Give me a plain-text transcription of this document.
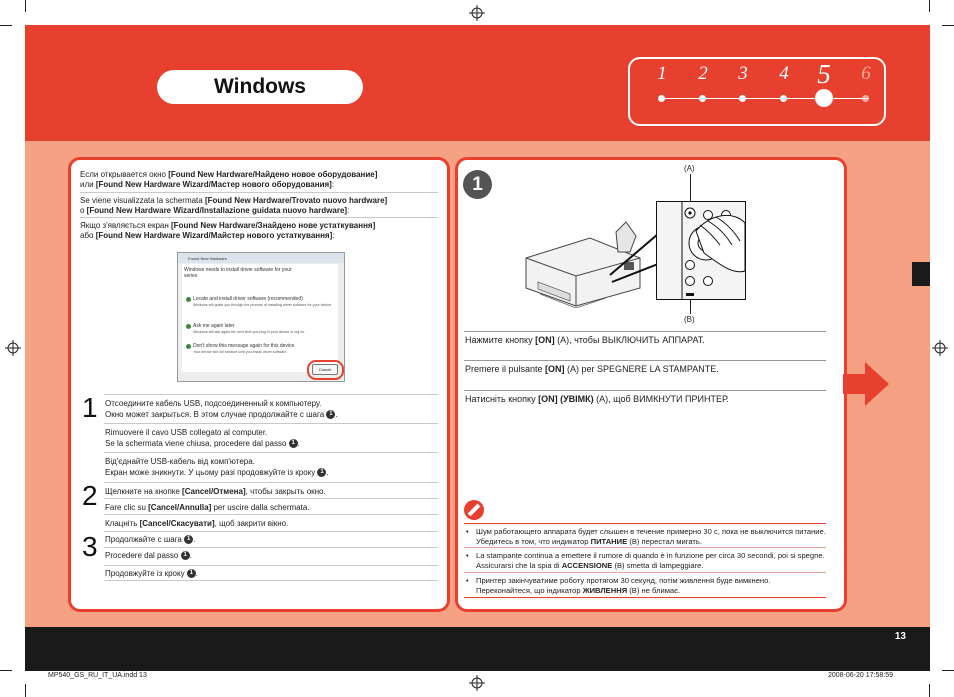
Windows
1	2	3	4 5	6
Если открывается окно [Found New Hardware/Найдено новое оборудование]
или [Found New Hardware Wizard/Мастер нового оборудования]:
Se viene visualizzata la schermata [Found New Hardware/Trovato nuovo hardware]
o [Found New Hardware Wizard/Installazione guidata nuovo hardware]:
Якщо з'являється екран [Found New Hardware/Знайдено нове устаткування]
або [Found New Hardware Wizard/Майстер нового устаткування]:
Found New Hardware
Windows needs to install driver software for your
series
Locate and install driver software (recommended)
Windows will guide you through the process of installing driver software for your device.
Ask me again later
Windows will ask again the next time you plug in your device or log on.
Don't show this message again for this device
Your device will not function until you install driver software.
Cancel
1 Отсоедините кабель USB, подсоединенный к компьютеру.
Окно может закрыться. В этом случае продолжайте с шага 1 .
Rimuovere il cavo USB collegato al computer.
Se la schermata viene chiusa, procedere dal passo 1 .
Від'єднайте USB-кабель від комп'ютера.
Екран може зникнути. У цьому разі продовжуйте із кроку 1 .
2 Щелкните на кнопке [Cancel/Отмена], чтобы закрыть окно.
Fare clic su [Cancel/Annulla] per uscire dalla schermata.
Клацніть [Cancel/Скасувати], щоб закрити вікно.
3 Продолжайте с шага 1 .
Procedere dal passo 1 .
Продовжуйте із кроку 1 .
1
(A)
(B)
Нажмите кнопку [ON] (A), чтобы ВЫКЛЮЧИТЬ АППАРАТ.
Premere il pulsante [ON] (A) per SPEGNERE LA STAMPANTE.
Натисніть кнопку [ON] (УВІМК) (A), щоб ВИМКНУТИ ПРИНТЕР.
• Шум работающего аппарата будет слышен в течение примерно 30 с, пока не выключится питание. Убедитесь в том, что индикатор ПИТАНИЕ (B) перестал мигать.
• La stampante continua a emettere il rumore di quando è in funzione per circa 30 secondi, poi si spegne. Assicurarsi che la spia di ACCENSIONE (B) smetta di lampeggiare.
• Принтер закінчуватиме роботу протягом 30 секунд, потім живлення буде вимкнено. Переконайтеся, що індикатор ЖИВЛЕННЯ (B) не блимає.
13
MP540_GS_RU_IT_UA.indd 13	2008-06-20 17:58:59
